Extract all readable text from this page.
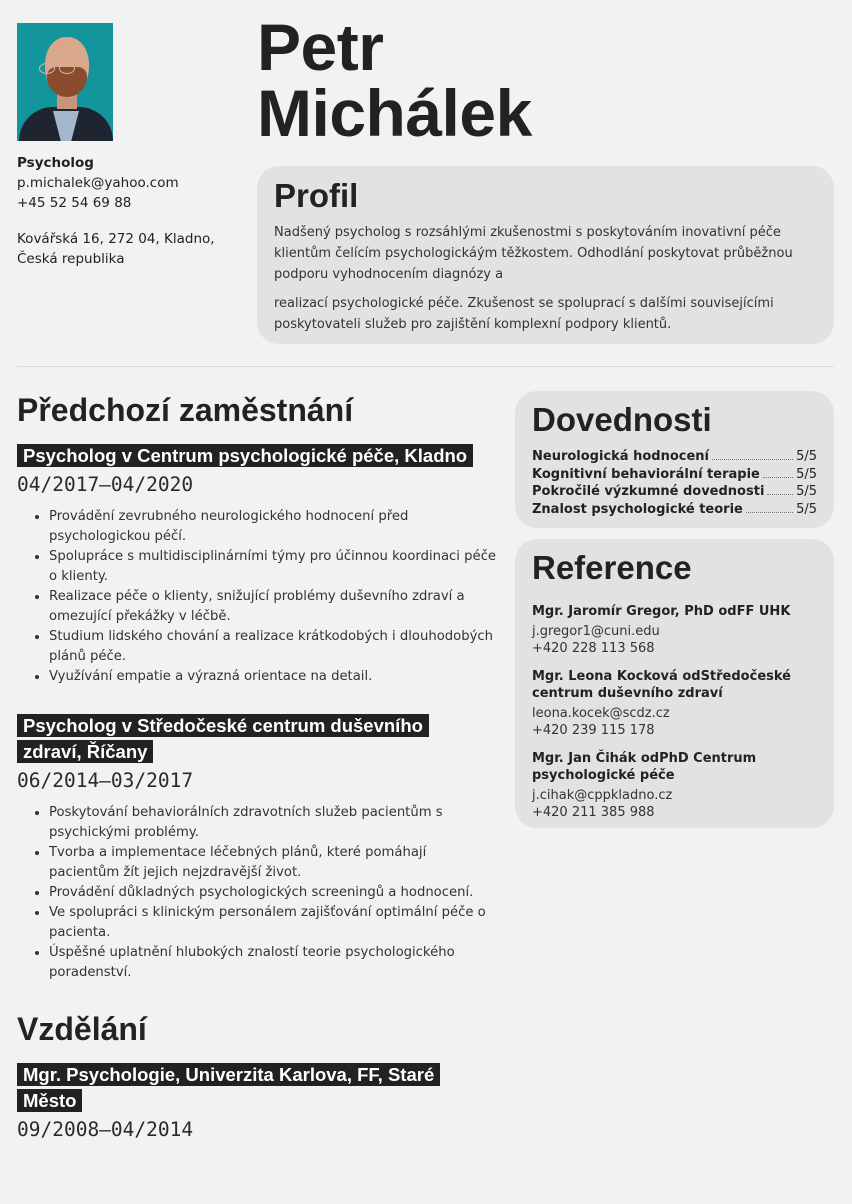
Psycholog
p.michalek@yahoo.com
+45 52 54 69 88
Kovářská 16, 272 04, Kladno,
Česká republika
Petr
Michálek
Profil

Nadšený psycholog s rozsáhlými zkušenostmi s poskytováním inovativní péče klientům čelícím psychologickáým těžkostem. Odhodlání poskytovat průběžnou podporu vyhodnocením diagnózy a

realizací psychologické péče. Zkušenost se spoluprací s dalšími souvisejícími poskytovateli služeb pro zajištění komplexní podpory klientů.

Předchozí zaměstnání
Psycholog v Centrum psychologické péče, Kladno
04/2017—04/2020
• Provádění zevrubného neurologického hodnocení před psychologickou péčí.
• Spolupráce s multidisciplinárními týmy pro účinnou koordinaci péče o klienty.
• Realizace péče o klienty, snižující problémy duševního zdraví a omezující překážky v léčbě.
• Studium lidského chování a realizace krátkodobých i dlouhodobých plánů péče.
• Využívání empatie a výrazná orientace na detail.
Psycholog v Středočeské centrum duševního zdraví, Říčany
06/2014—03/2017
• Poskytování behaviorálních zdravotních služeb pacientům s psychickými problémy.
• Tvorba a implementace léčebných plánů, které pomáhají pacientům žít jejich nejzdravější život.
• Provádění důkladných psychologických screeningů a hodnocení.
• Ve spolupráci s klinickým personálem zajišťování optimální péče o pacienta.
• Úspěšné uplatnění hlubokých znalostí teorie psychologického poradenství.
Vzdělání
Mgr. Psychologie, Univerzita Karlova, FF, Staré Město
09/2008—04/2014
Dovednosti
Neurologická hodnocení	5/5
Kognitivní behaviorální terapie	5/5
Pokročilé výzkumné dovednosti 5/5
Znalost psychologické teorie	5/5
Reference
Mgr. Jaromír Gregor, PhD odFF UHK
j.gregor1@cuni.edu
+420 228 113 568
Mgr. Leona Kocková odStředočeské centrum duševního zdraví
leona.kocek@scdz.cz
+420 239 115 178
Mgr. Jan Čihák odPhD Centrum psychologické péče
j.cihak@cppkladno.cz
+420 211 385 988
